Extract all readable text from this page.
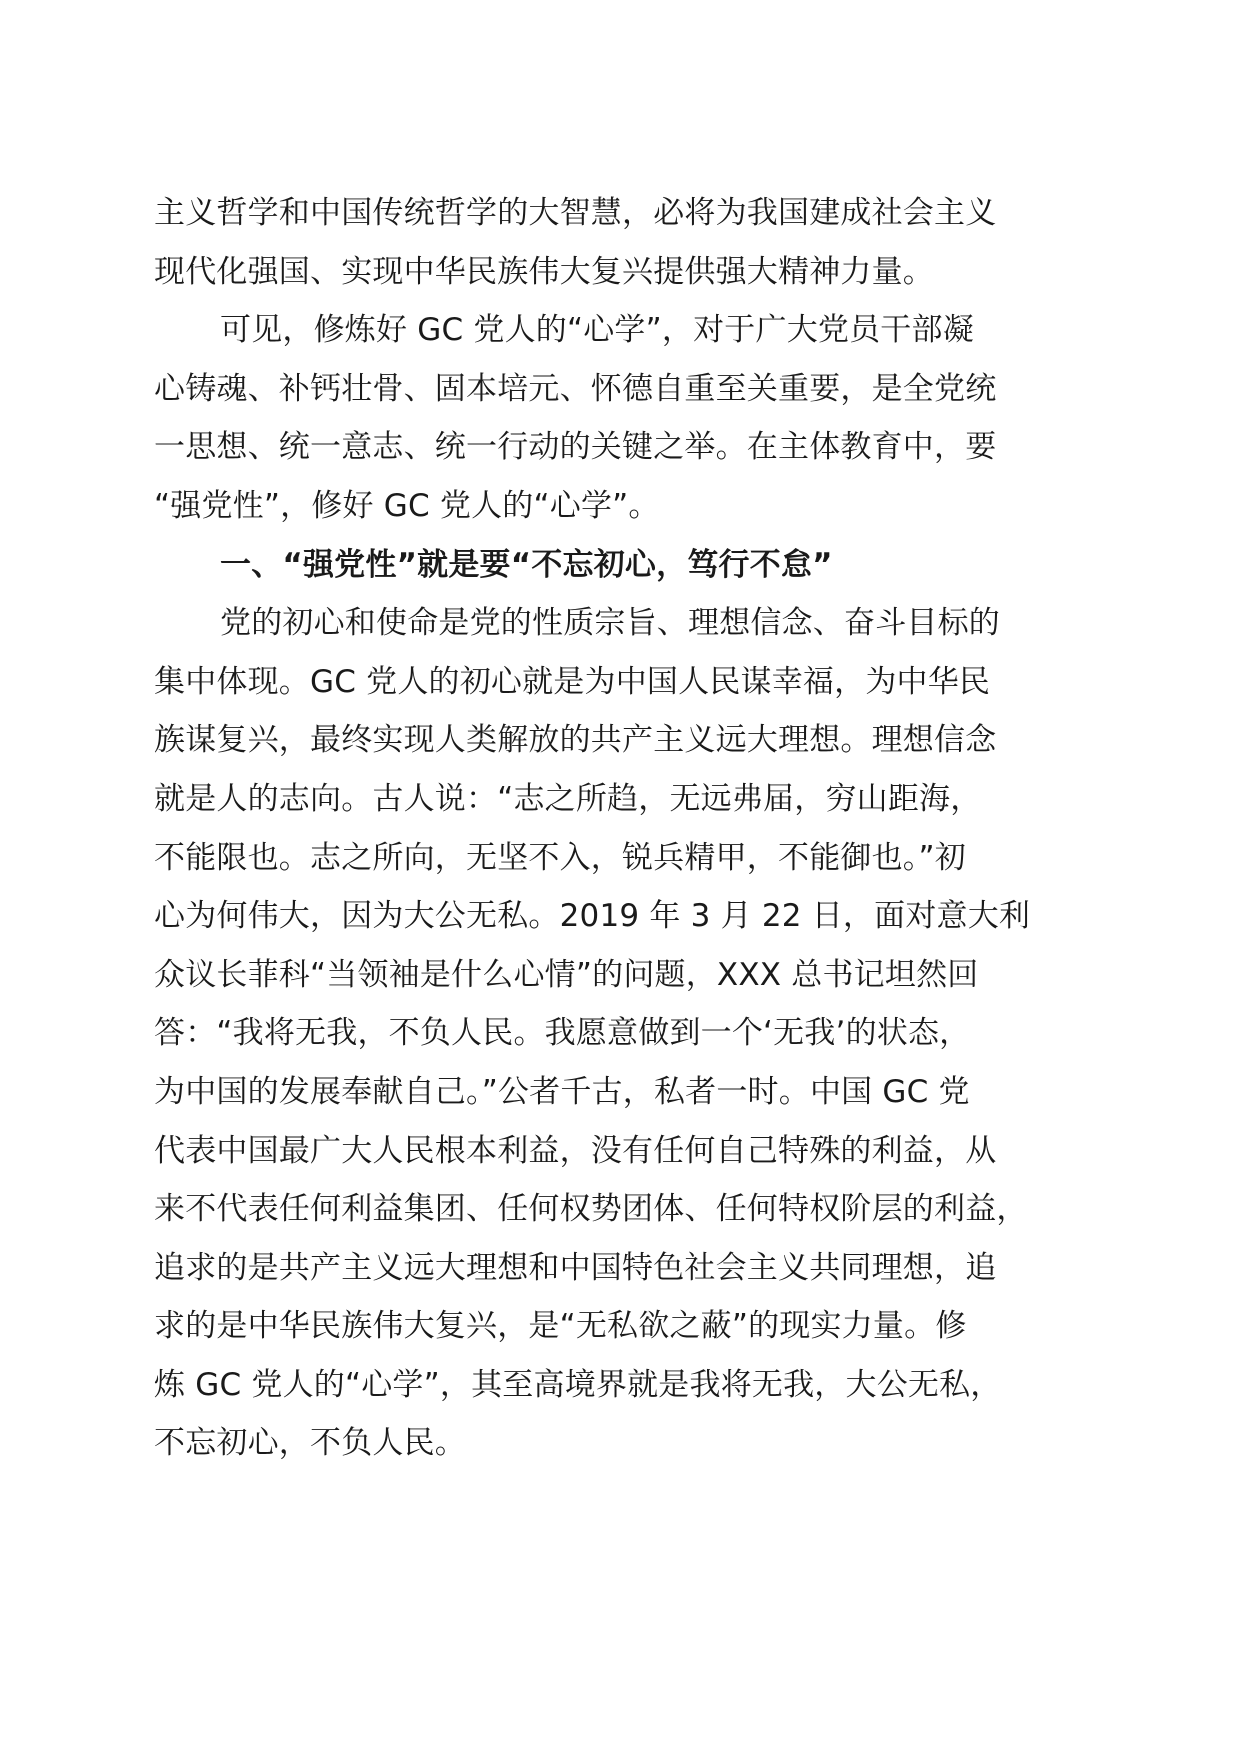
主义哲学和中国传统哲学的大智慧，必将为我国建成社会主义
现代化强国、实现中华民族伟大复兴提供强大精神力量。

可见，修炼好 GC 党人的“心学”，对于广大党员干部凝
心铸魂、补钙壮骨、固本培元、怀德自重至关重要，是全党统
一思想、统一意志、统一行动的关键之举。在主体教育中，要
“强党性”，修好 GC 党人的“心学”。

一、“强党性”就是要“不忘初心，笃行不怠”

党的初心和使命是党的性质宗旨、理想信念、奋斗目标的
集中体现。GC 党人的初心就是为中国人民谋幸福，为中华民
族谋复兴，最终实现人类解放的共产主义远大理想。理想信念
就是人的志向。古人说：“志之所趋，无远弗届，穷山距海，
不能限也。志之所向，无坚不入，锐兵精甲，不能御也。”初
心为何伟大，因为大公无私。2019 年 3 月 22 日，面对意大利
众议长菲科“当领袖是什么心情”的问题，XXX 总书记坦然回
答：“我将无我，不负人民。我愿意做到一个‘无我’的状态，
为中国的发展奉献自己。”公者千古，私者一时。中国 GC 党
代表中国最广大人民根本利益，没有任何自己特殊的利益，从
来不代表任何利益集团、任何权势团体、任何特权阶层的利益，
追求的是共产主义远大理想和中国特色社会主义共同理想，追
求的是中华民族伟大复兴，是“无私欲之蔽”的现实力量。修
炼 GC 党人的“心学”，其至高境界就是我将无我，大公无私，
不忘初心，不负人民。
